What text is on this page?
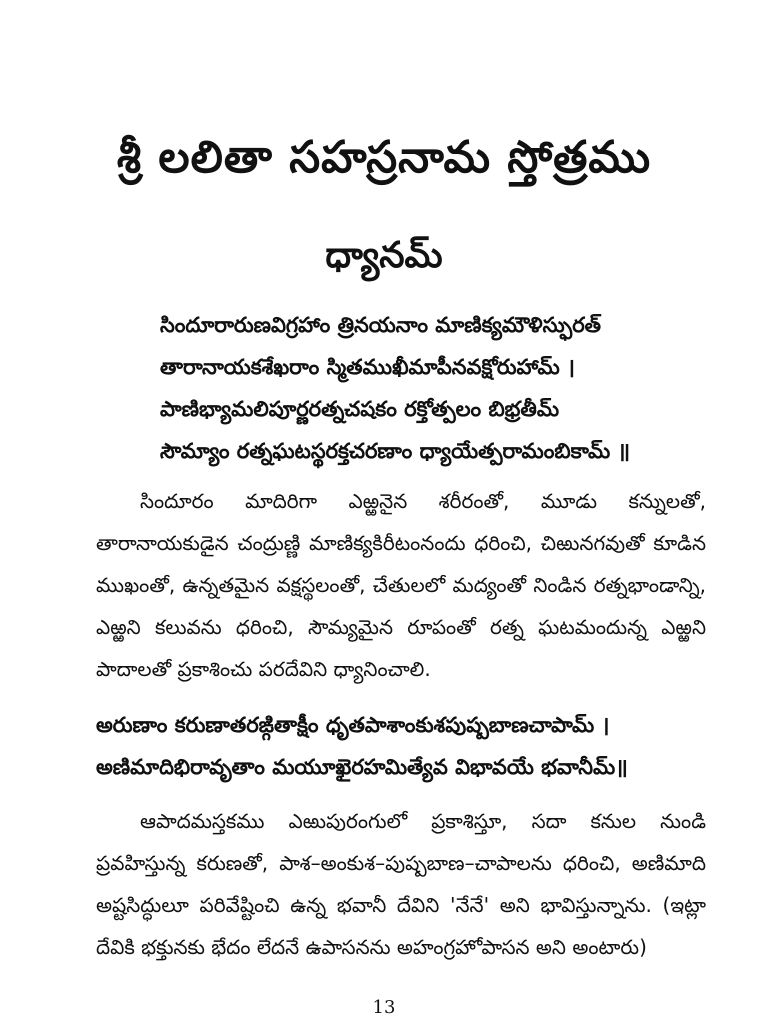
శ్రీ లలితా సహస్రనామ స్తోత్రము
ధ్యానమ్
సిందూరారుణవిగ్రహాం త్రినయనాం మాణిక్యమౌళిస్ఫురత్
తారానాయకశేఖరాం స్మితముఖీమాపీనవక్షోరుహామ్ ।
పాణిభ్యామలిపూర్ణరత్నచషకం రక్తోత్పలం బిభ్రతీమ్
సౌమ్యాం రత్నఘటస్థరక్తచరణాం ధ్యాయేత్పరామంబికామ్ ॥

సిందూరం మాదిరిగా ఎఱ్ఱనైన శరీరంతో, మూడు కన్నులతో, తారానాయకుడైన చంద్రుణ్ణి మాణిక్యకిరీటంనందు ధరించి, చిఱునగవుతో కూడిన ముఖంతో, ఉన్నతమైన వక్షస్థలంతో, చేతులలో మద్యంతో నిండిన రత్నభాండాన్ని, ఎఱ్ఱని కలువను ధరించి, సౌమ్యమైన రూపంతో రత్న ఘటమందున్న ఎఱ్ఱని పాదాలతో ప్రకాశించు పరదేవిని ధ్యానించాలి.

అరుణాం కరుణాతరఙ్గితాక్షీం ధృతపాశాంకుశపుష్పబాణచాపామ్ ।
అణిమాదిభిరావృతాం మయూఖైరహమిత్యేవ విభావయే భవానీమ్॥

ఆపాదమస్తకము ఎఱుపురంగులో ప్రకాశిస్తూ, సదా కనుల నుండి ప్రవహిస్తున్న కరుణతో, పాశ–అంకుశ–పుష్పబాణ–చాపాలను ధరించి, అణిమాది అష్టసిద్ధులూ పరివేష్టించి ఉన్న భవానీ దేవిని 'నేనే' అని భావిస్తున్నాను. (ఇట్లా దేవికి భక్తునకు భేదం లేదనే ఉపాసనను అహంగ్రహోపాసన అని అంటారు)

13
